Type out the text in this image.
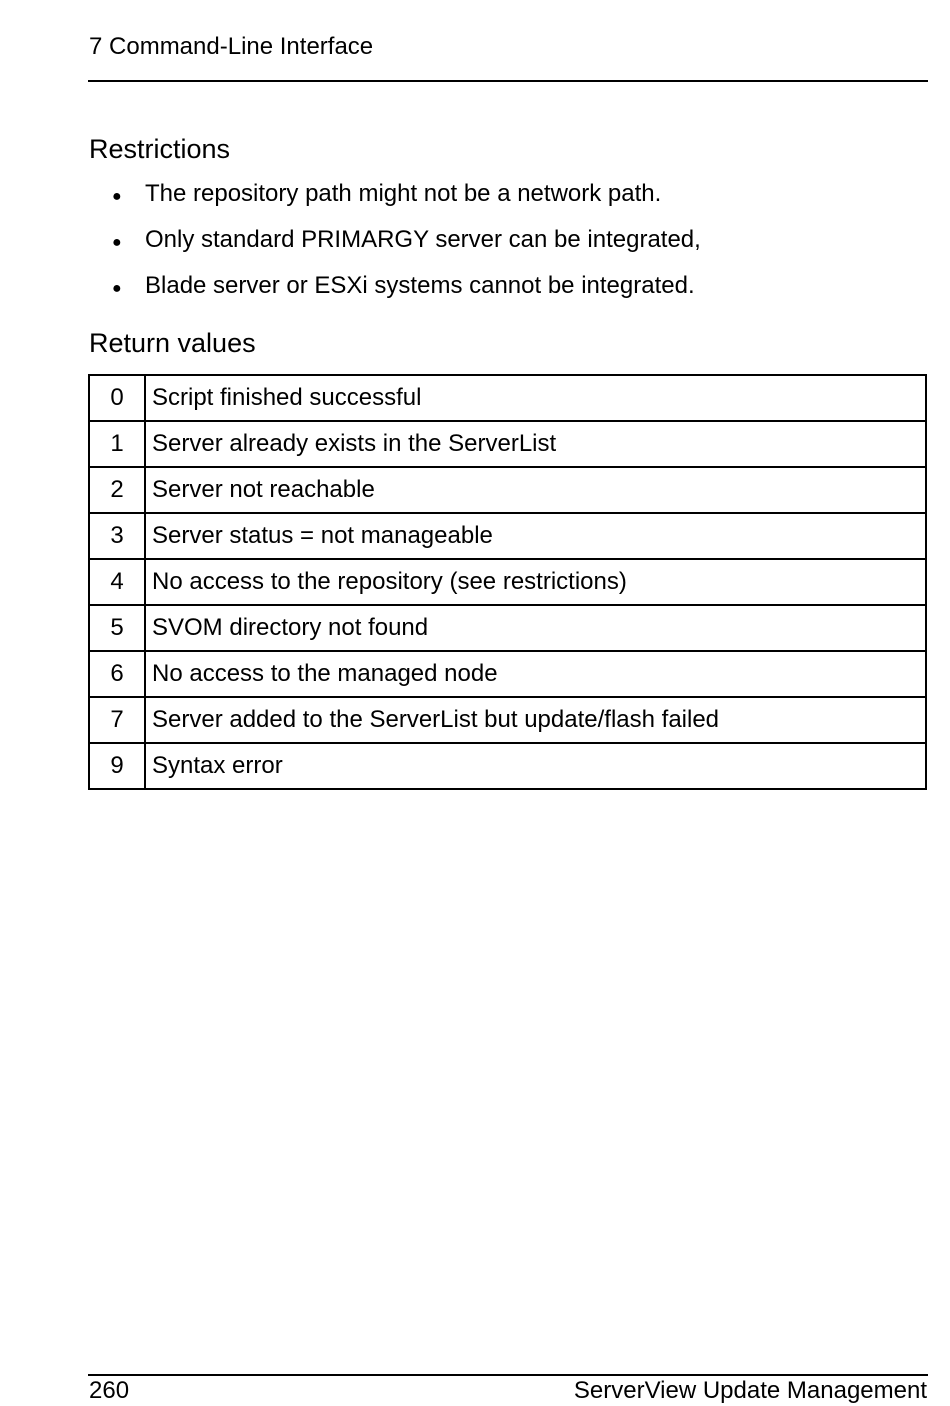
7 Command-Line Interface
Restrictions
● The repository path might not be a network path.
● Only standard PRIMARGY server can be integrated,
● Blade server or ESXi systems cannot be integrated.
Return values
0	Script finished successful
1	Server already exists in the ServerList
2	Server not reachable
3	Server status = not manageable
4	No access to the repository (see restrictions)
5	SVOM directory not found
6	No access to the managed node
7	Server added to the ServerList but update/flash failed
9	Syntax error
260	ServerView Update Management
